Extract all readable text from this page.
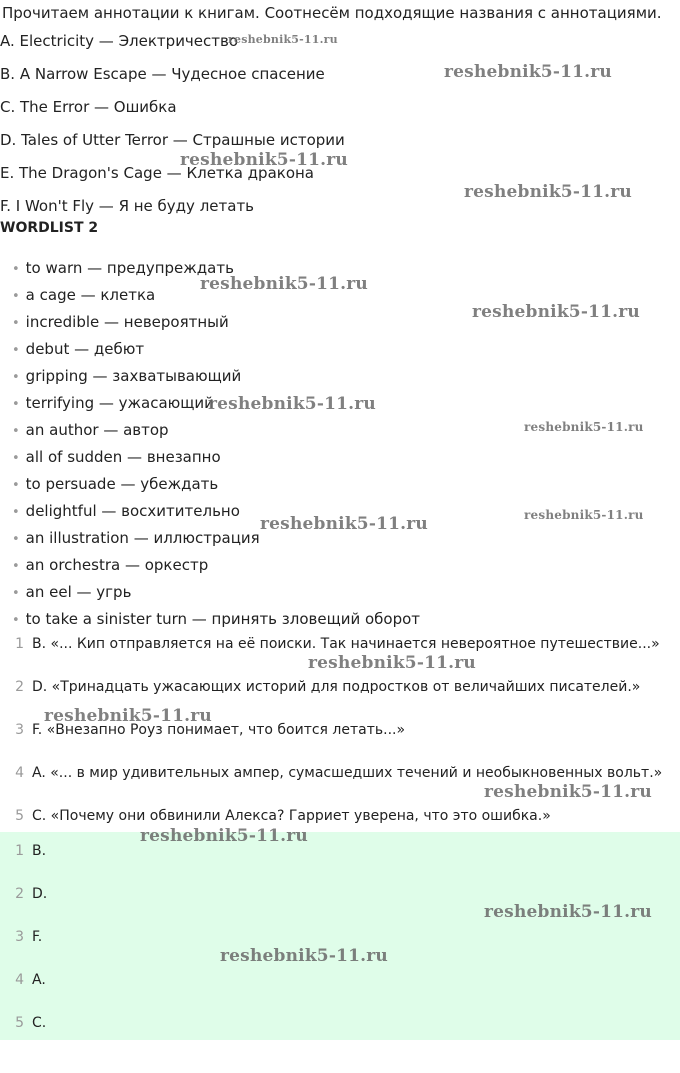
Прочитаем аннотации к книгам. Соотнесём подходящие названия с аннотациями.
A. Electricity — Электричество
B. A Narrow Escape — Чудесное спасение
C. The Error — Ошибка
D. Tales of Utter Terror — Страшные истории
E. The Dragon's Cage — Клетка дракона
F. I Won't Fly — Я не буду летать
WORDLIST 2
• to warn — предупреждать
• a cage — клетка
• incredible — невероятный
• debut — дебют
• gripping — захватывающий
• terrifying — ужасающий
• an author — автор
• all of sudden — внезапно
• to persuade — убеждать
• delightful — восхитительно
• an illustration — иллюстрация
• an orchestra — оркестр
• an eel — угрь
• to take a sinister turn — принять зловещий оборот
1 B. «... Кип отправляется на её поиски. Так начинается невероятное путешествие...»
2 D. «Тринадцать ужасающих историй для подростков от величайших писателей.»
3 F. «Внезапно Роуз понимает, что боится летать...»
4 A. «... в мир удивительных ампер, сумасшедших течений и необыкновенных вольт.»
5 C. «Почему они обвинили Алекса? Гарриет уверена, что это ошибка.»
1 B.
2 D.
3 F.
4 A.
5 C.
reshebnik5-11.ru
reshebnik5-11.ru
reshebnik5-11.ru
reshebnik5-11.ru
reshebnik5-11.ru
reshebnik5-11.ru
reshebnik5-11.ru
reshebnik5-11.ru
reshebnik5-11.ru
reshebnik5-11.ru
reshebnik5-11.ru
reshebnik5-11.ru
reshebnik5-11.ru
reshebnik5-11.ru
reshebnik5-11.ru
reshebnik5-11.ru
